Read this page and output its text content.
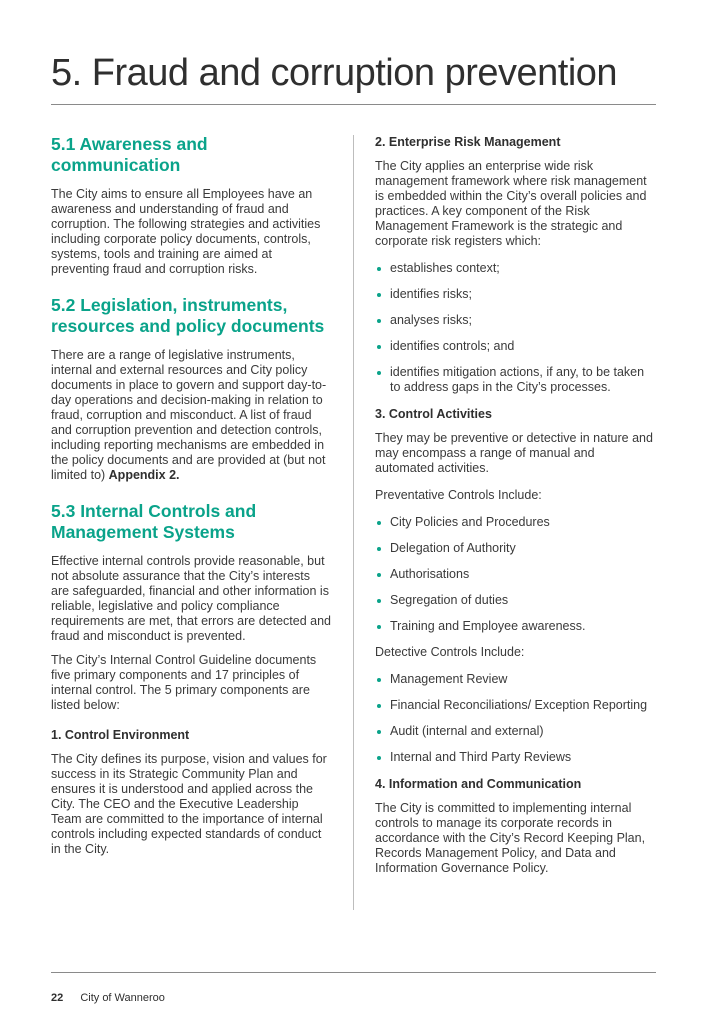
5. Fraud and corruption prevention
5.1 Awareness and communication

The City aims to ensure all Employees have an awareness and understanding of fraud and corruption. The following strategies and activities including corporate policy documents, controls, systems, tools and training are aimed at preventing fraud and corruption risks.

5.2 Legislation, instruments, resources and policy documents

There are a range of legislative instruments, internal and external resources and City policy documents in place to govern and support day-to-day operations and decision-making in relation to fraud, corruption and misconduct. A list of fraud and corruption prevention and detection controls, including reporting mechanisms are embedded in the policy documents and are provided at (but not limited to) Appendix 2.

5.3 Internal Controls and Management Systems

Effective internal controls provide reasonable, but not absolute assurance that the City’s interests are safeguarded, financial and other information is reliable, legislative and policy compliance requirements are met, that errors are detected and fraud and misconduct is prevented.

The City’s Internal Control Guideline documents five primary components and 17 principles of internal control. The 5 primary components are listed below:

1. Control Environment

The City defines its purpose, vision and values for success in its Strategic Community Plan and ensures it is understood and applied across the City. The CEO and the Executive Leadership Team are committed to the importance of internal controls including expected standards of conduct in the City.

2. Enterprise Risk Management

The City applies an enterprise wide risk management framework where risk management is embedded within the City’s overall policies and practices. A key component of the Risk Management Framework is the strategic and corporate risk registers which:

establishes context;
identifies risks;
analyses risks;
identifies controls; and
identifies mitigation actions, if any, to be taken to address gaps in the City’s processes.
3. Control Activities

They may be preventive or detective in nature and may encompass a range of manual and automated activities.

Preventative Controls Include:

City Policies and Procedures
Delegation of Authority
Authorisations
Segregation of duties
Training and Employee awareness.

Detective Controls Include:

Management Review
Financial Reconciliations/ Exception Reporting
Audit (internal and external)
Internal and Third Party Reviews
4. Information and Communication

The City is committed to implementing internal controls to manage its corporate records in accordance with the City’s Record Keeping Plan, Records Management Policy, and Data and Information Governance Policy.

22 City of Wanneroo
